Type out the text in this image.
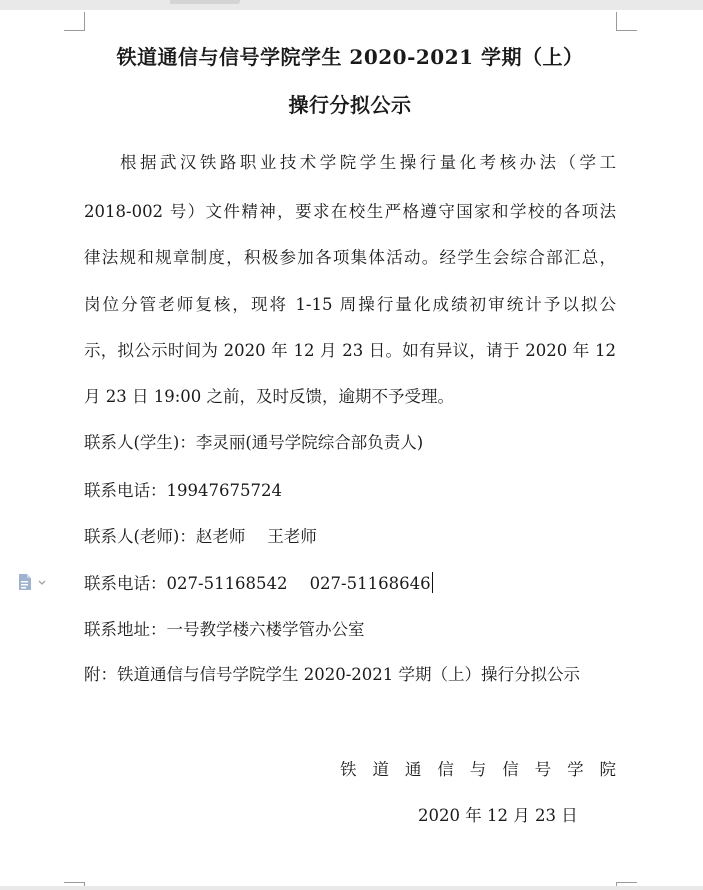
铁道通信与信号学院学生 2020-2021 学期（上）
操行分拟公示
根据武汉铁路职业技术学院学生操行量化考核办法（学工
2018-002 号）文件精神，要求在校生严格遵守国家和学校的各项法
律法规和规章制度，积极参加各项集体活动。经学生会综合部汇总，
岗位分管老师复核，现将 1-15 周操行量化成绩初审统计予以拟公
示，拟公示时间为 2020 年 12 月 23 日。如有异议，请于 2020 年 12
月 23 日 19:00 之前，及时反馈，逾期不予受理。
联系人(学生)：李灵丽(通号学院综合部负责人)
联系电话：19947675724
联系人(老师)：赵老师 王老师
联系电话：027-51168542 027-51168646
联系地址：一号教学楼六楼学管办公室
附：铁道通信与信号学院学生 2020-2021 学期（上）操行分拟公示
铁道通信与信号学院
2020 年 12 月 23 日
